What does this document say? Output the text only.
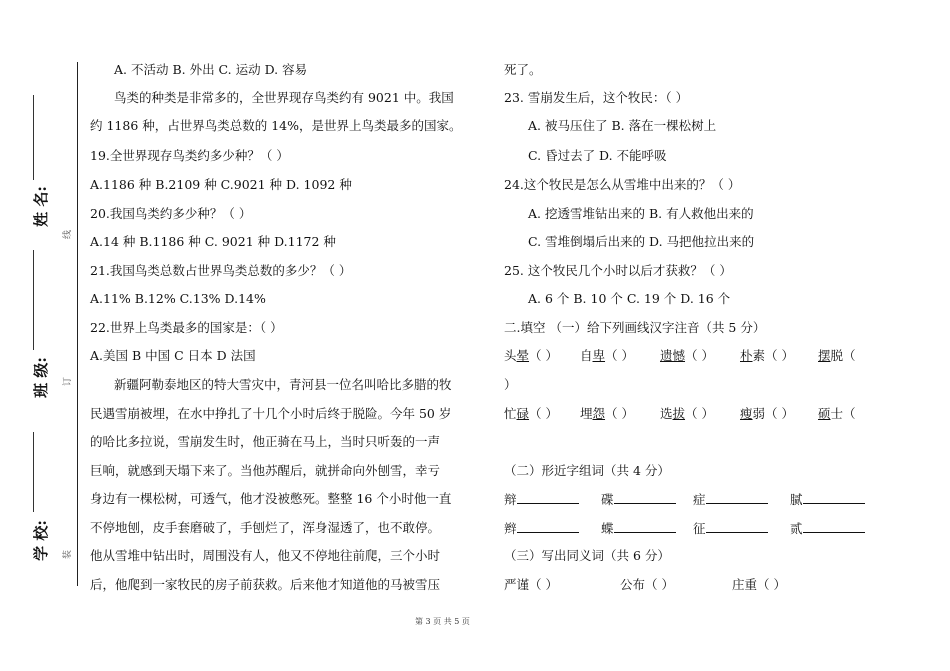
姓 名:
班 级:
学 校:
线
订
装
A. 不活动 B. 外出 C. 运动 D. 容易
鸟类的种类是非常多的，全世界现存鸟类约有 9021 中。我国
约 1186 种，占世界鸟类总数的 14%，是世界上鸟类最多的国家。
19.全世界现存鸟类约多少种？（ ）
A.1186 种 B.2109 种 C.9021 种 D. 1092 种
20.我国鸟类约多少种？（ ）
A.14 种 B.1186 种 C. 9021 种 D.1172 种
21.我国鸟类总数占世界鸟类总数的多少？（ ）
A.11% B.12% C.13% D.14%
22.世界上鸟类最多的国家是：（ ）
A.美国 B 中国 C 日本 D 法国
新疆阿勒泰地区的特大雪灾中，青河县一位名叫哈比多腊的牧
民遇雪崩被埋，在水中挣扎了十几个小时后终于脱险。今年 50 岁
的哈比多拉说，雪崩发生时，他正骑在马上，当时只听轰的一声
巨响，就感到天塌下来了。当他苏醒后，就拼命向外刨雪，幸亏
身边有一棵松树，可透气，他才没被憋死。整整 16 个小时他一直
不停地刨，皮手套磨破了，手刨烂了，浑身湿透了，也不敢停。
他从雪堆中钻出时，周围没有人，他又不停地往前爬，三个小时
后，他爬到一家牧民的房子前获救。后来他才知道他的马被雪压
死了。
23. 雪崩发生后，这个牧民：（ ）
A. 被马压住了 B. 落在一棵松树上
C. 昏过去了 D. 不能呼吸
24.这个牧民是怎么从雪堆中出来的？（ ）
A. 挖透雪堆钻出来的 B. 有人救他出来的
C. 雪堆倒塌后出来的 D. 马把他拉出来的
25. 这个牧民几个小时以后才获救？（ ）
A. 6 个 B. 10 个 C. 19 个 D. 16 个
二.填空 （一）给下列画线汉字注音（共 5 分）
头晕（ ） 自卑（ ） 遗憾（ ） 朴素（ ） 摆脱（
）
忙碌（ ） 埋怨（ ） 选拔（ ） 瘦弱（ ） 硕士（
（二）形近字组词（共 4 分）
辩	碟	症	腻
辫	蝶	征	贰
（三）写出同义词（共 6 分）
严谨（ ）	公布（ ）	庄重（ ）
第 3 页 共 5 页
